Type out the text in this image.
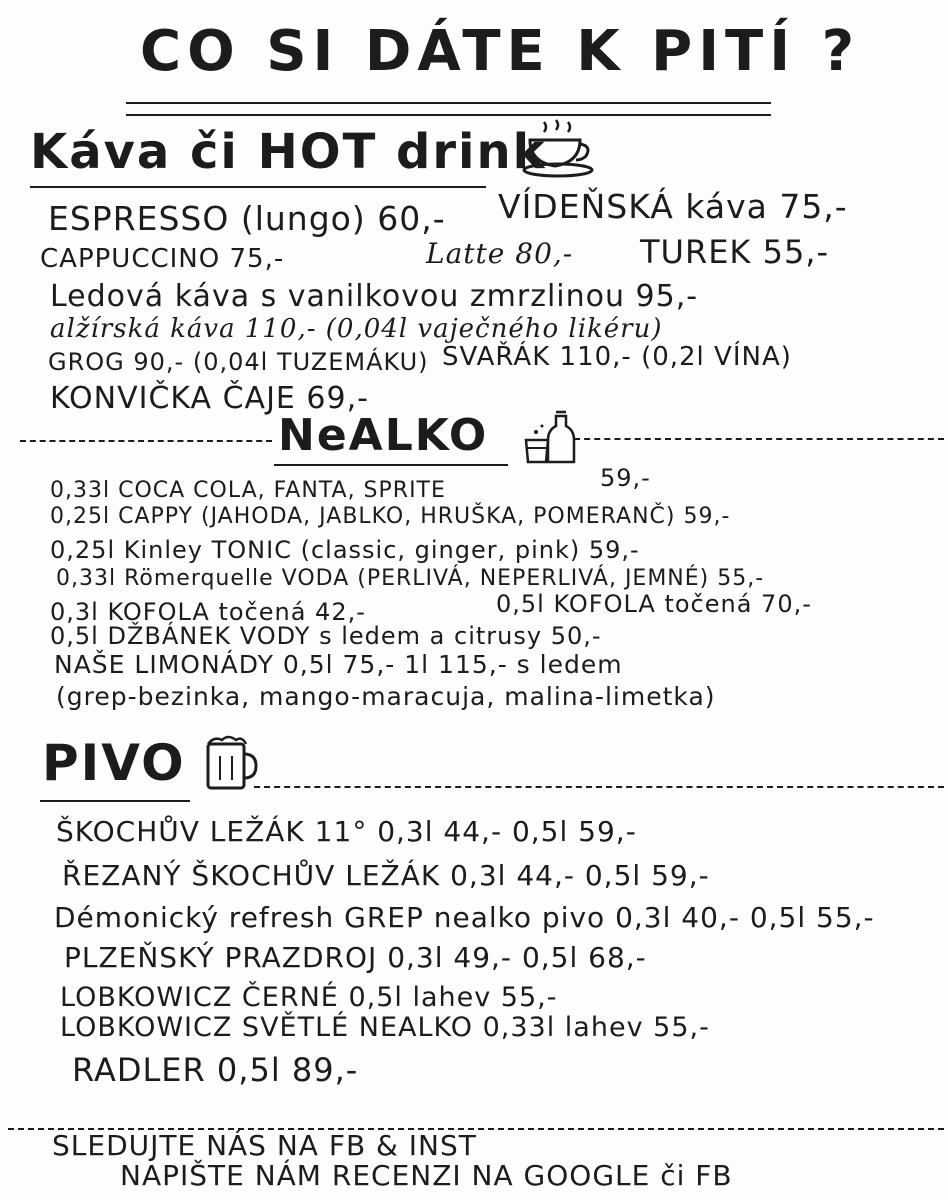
CO SI DÁTE K PITÍ ?
Káva či HOT drink
ESPRESSO (lungo) 60,- VÍDEŇSKÁ káva 75,-
CAPPUCCINO 75,-	Latte 80,- TUREK 55,-
Ledová káva s vanilkovou zmrzlinou 95,-
alžírská káva 110,- (0,04l vaječného likéru)
GROG 90,- (0,04l TUZEMÁKU) SVAŘÁK 110,- (0,2l VÍNA)
KONVIČKA ČAJE 69,-
NeALKO
0,33l COCA COLA, FANTA, SPRITE	59,-
0,25l CAPPY (JAHODA, JABLKO, HRUŠKA, POMERANČ) 59,-
0,25l Kinley TONIC (classic, ginger, pink) 59,-
0,33l Römerquelle VODA (PERLIVÁ, NEPERLIVÁ, JEMNÉ) 55,-
0,3l KOFOLA točená 42,-	0,5l KOFOLA točená 70,-
0,5l DŽBÁNEK VODY s ledem a citrusy 50,-
NAŠE LIMONÁDY 0,5l 75,- 1l 115,- s ledem
(grep-bezinka, mango-maracuja, malina-limetka)
PIVO
ŠKOCHŮV LEŽÁK 11° 0,3l 44,- 0,5l 59,-
ŘEZANÝ ŠKOCHŮV LEŽÁK 0,3l 44,- 0,5l 59,-
Démonický refresh GREP nealko pivo 0,3l 40,- 0,5l 55,-
PLZEŇSKÝ PRAZDROJ 0,3l 49,- 0,5l 68,-
LOBKOWICZ ČERNÉ 0,5l lahev 55,-
LOBKOWICZ SVĚTLÉ NEALKO 0,33l lahev 55,-
RADLER 0,5l 89,-
SLEDUJTE NÁS NA FB & INST
NAPIŠTE NÁM RECENZI NA GOOGLE či FB
